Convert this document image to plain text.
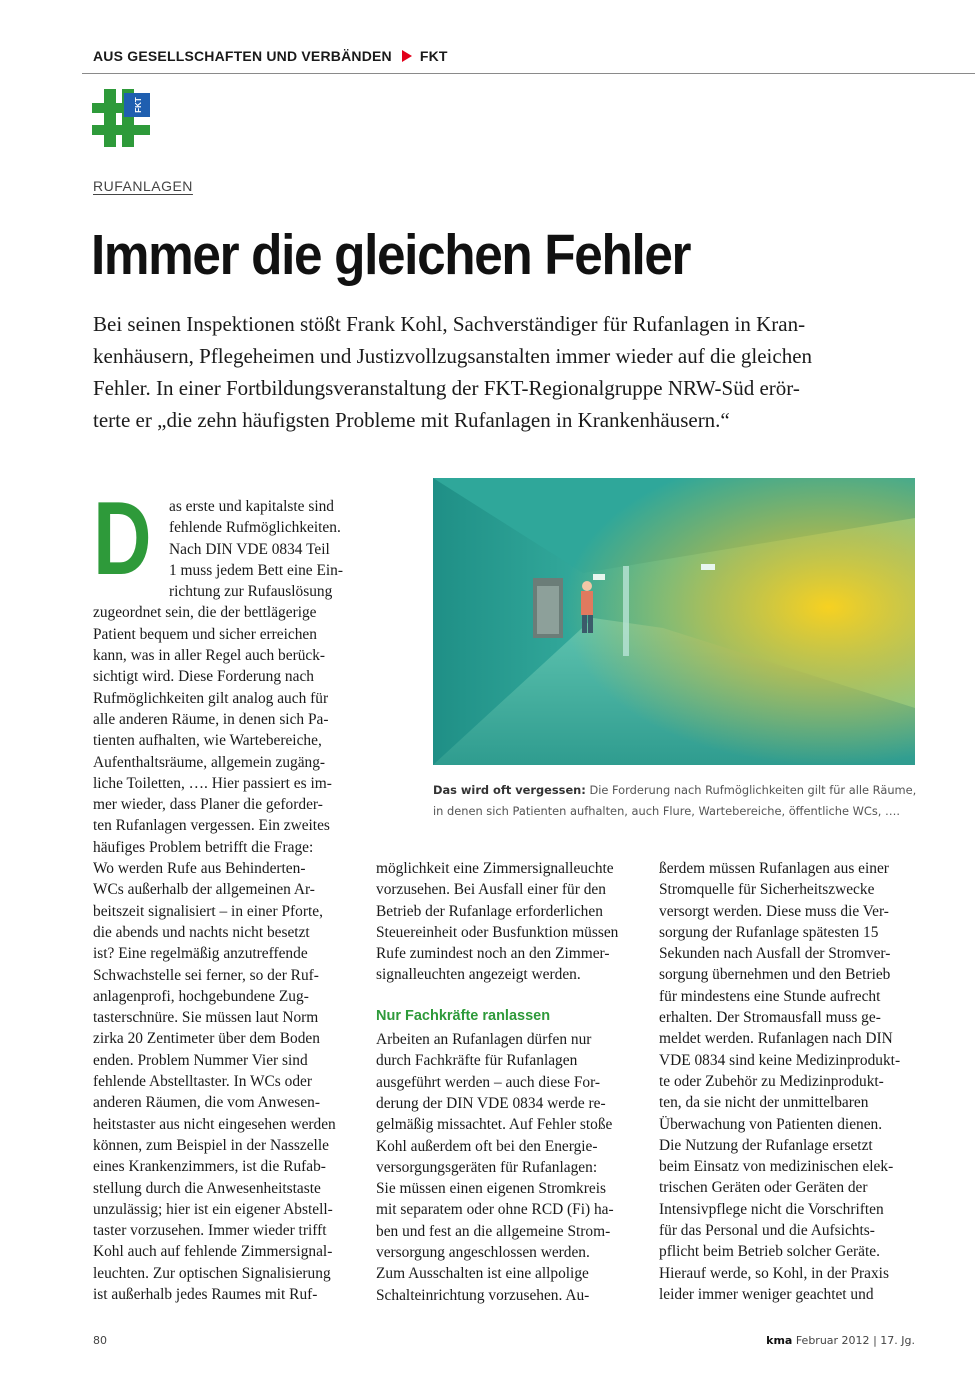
AUS GESELLSCHAFTEN UND VERBÄNDEN FKT
FKT
RUFANLAGEN
Immer die gleichen Fehler

Bei seinen Inspektionen stößt Frank Kohl, Sachverständiger für Rufanlagen in Kran-

kenhäusern, Pflegeheimen und Justizvollzugsanstalten immer wieder auf die gleichen

Fehler. In einer Fortbildungsveranstaltung der FKT-Regionalgruppe NRW-Süd erör-

terte er „die zehn häufigsten Probleme mit Rufanlagen in Krankenhäusern.“

D	as erste und kapitalste sind

fehlende Rufmöglichkeiten.

Nach DIN VDE 0834 Teil

1 muss jedem Bett eine Ein-

richtung zur Rufauslösung

zugeordnet sein, die der bettlägerige

Patient bequem und sicher erreichen

kann, was in aller Regel auch berück-

sichtigt wird. Diese Forderung nach

Rufmöglichkeiten gilt analog auch für

alle anderen Räume, in denen sich Pa-

tienten aufhalten, wie Wartebereiche,

Aufenthaltsräume, allgemein zugäng-

liche Toiletten, …. Hier passiert es im-

mer wieder, dass Planer die geforder-

ten Rufanlagen vergessen. Ein zweites

häufiges Problem betrifft die Frage:

Wo werden Rufe aus Behinderten-

WCs außerhalb der allgemeinen Ar-

beitszeit signalisiert – in einer Pforte,

die abends und nachts nicht besetzt

ist? Eine regelmäßig anzutreffende

Schwachstelle sei ferner, so der Ruf-

anlagenprofi, hochgebundene Zug-

tasterschnüre. Sie müssen laut Norm

zirka 20 Zentimeter über dem Boden

enden. Problem Nummer Vier sind

fehlende Abstelltaster. In WCs oder

anderen Räumen, die vom Anwesen-

heitstaster aus nicht eingesehen werden

können, zum Beispiel in der Nasszelle

eines Krankenzimmers, ist die Rufab-

stellung durch die Anwesenheitstaste

unzulässig; hier ist ein eigener Abstell-

taster vorzusehen. Immer wieder trifft

Kohl auch auf fehlende Zimmersignal-

leuchten. Zur optischen Signalisierung

ist außerhalb jedes Raumes mit Ruf-

Das wird oft vergessen: Die Forderung nach Rufmöglichkeiten gilt für alle Räume,

in denen sich Patienten aufhalten, auch Flure, Wartebereiche, öffentliche WCs, ….

möglichkeit eine Zimmersignalleuchte

vorzusehen. Bei Ausfall einer für den

Betrieb der Rufanlage erforderlichen

Steuereinheit oder Busfunktion müssen

Rufe zumindest noch an den Zimmer-

signalleuchten angezeigt werden.

Nur Fachkräfte ranlassen

Arbeiten an Rufanlagen dürfen nur

durch Fachkräfte für Rufanlagen

ausgeführt werden – auch diese For-

derung der DIN VDE 0834 werde re-

gelmäßig missachtet. Auf Fehler stoße

Kohl außerdem oft bei den Energie-

versorgungsgeräten für Rufanlagen:

Sie müssen einen eigenen Stromkreis

mit separatem oder ohne RCD (Fi) ha-

ben und fest an die allgemeine Strom-

versorgung angeschlossen werden.

Zum Ausschalten ist eine allpolige

Schalteinrichtung vorzusehen. Au-

ßerdem müssen Rufanlagen aus einer

Stromquelle für Sicherheitszwecke

versorgt werden. Diese muss die Ver-

sorgung der Rufanlage spätesten 15

Sekunden nach Ausfall der Stromver-

sorgung übernehmen und den Betrieb

für mindestens eine Stunde aufrecht

erhalten. Der Stromausfall muss ge-

meldet werden. Rufanlagen nach DIN

VDE 0834 sind keine Medizinprodukt-

te oder Zubehör zu Medizinprodukt-

ten, da sie nicht der unmittelbaren

Überwachung von Patienten dienen.

Die Nutzung der Rufanlage ersetzt

beim Einsatz von medizinischen elek-

trischen Geräten oder Geräten der

Intensivpflege nicht die Vorschriften

für das Personal und die Aufsichts-

pflicht beim Betrieb solcher Geräte.

Hierauf werde, so Kohl, in der Praxis

leider immer weniger geachtet und

80	kma Februar 2012 | 17. Jg.
